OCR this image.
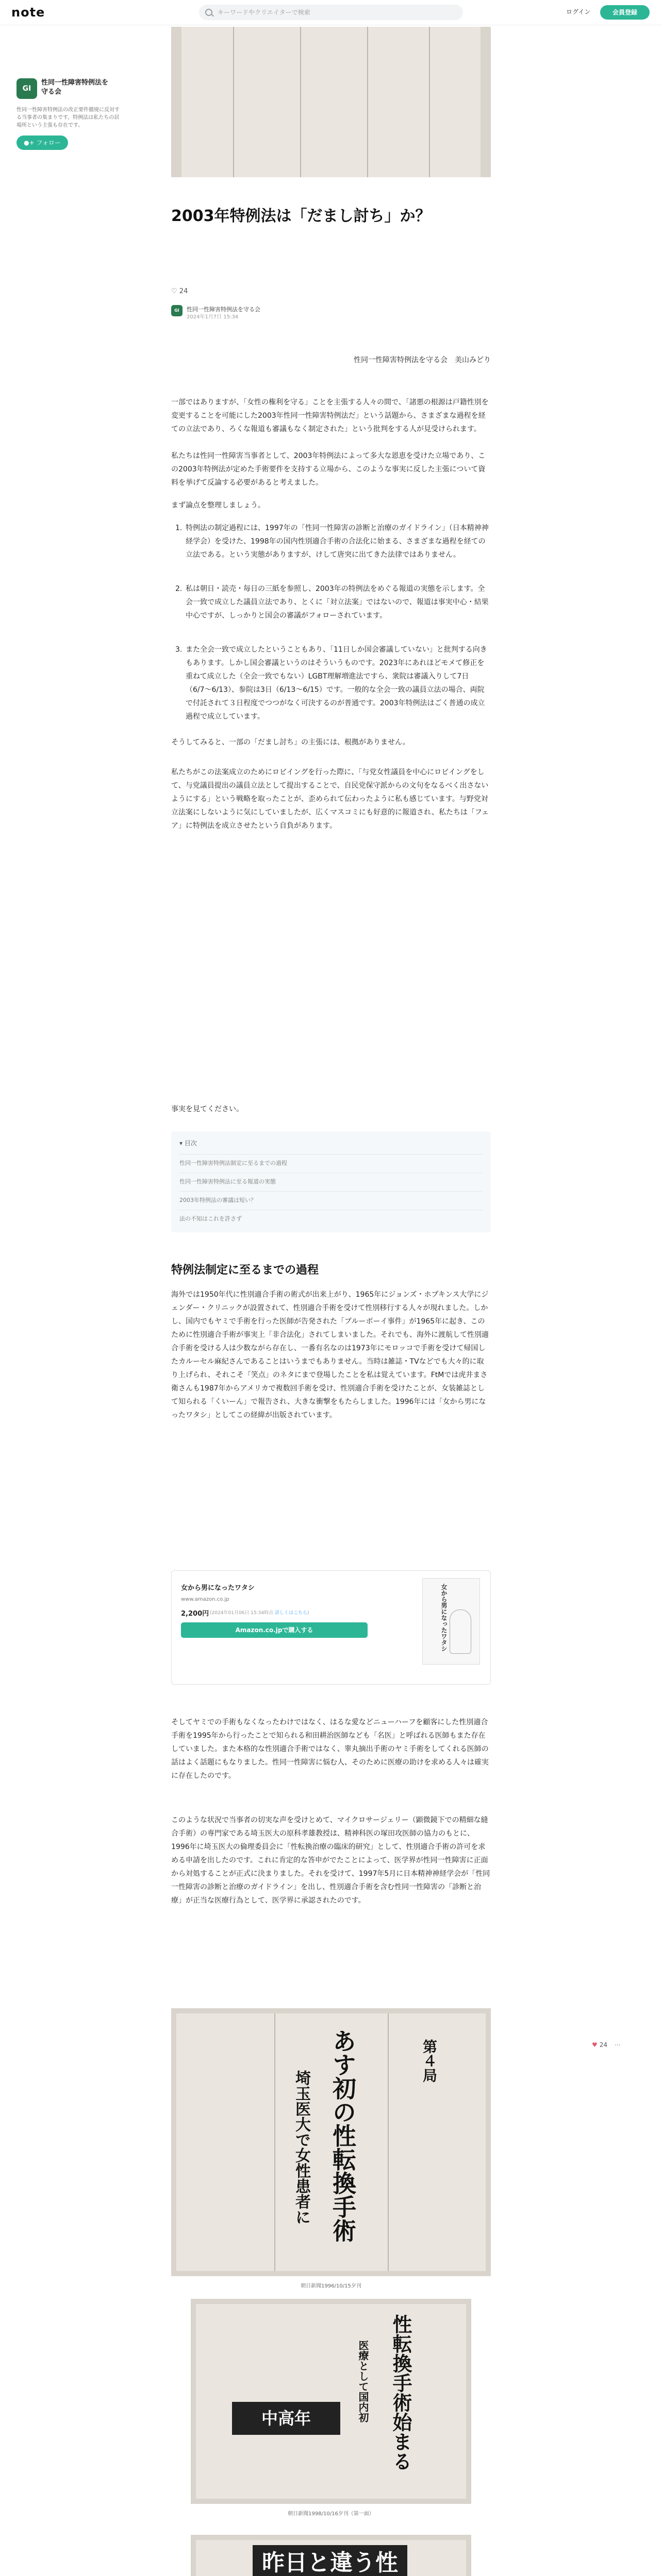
note	キーワードやクリエイターで検索	ログイン	会員登録
GI性同一性障害特例法を守る会
性同一性障害特例法の改正要件撤廃に反対する当事者の集まりです。特例法は私たちの居場所という主張も存在です。
●+ フォロー
2003年特例法は「だまし討ち」か？
♡ 24
GI	性同一性障害特例法を守る会
2024年1月7日 15:34
性同一性障害特例法を守る会　美山みどり

一部ではありますが、「女性の権利を守る」ことを主張する人々の間で、「諸悪の根源は戸籍性別を変更することを可能にした2003年性同一性障害特例法だ」という話題から、さまざまな過程を経ての立法であり、ろくな報道も審議もなく制定された」という批判をする人が見受けられます。

私たちは性同一性障害当事者として、2003年特例法によって多大な恩恵を受けた立場であり、この2003年特例法が定めた手術要件を支持する立場から、このような事実に反した主張について資料を挙げて反論する必要があると考えました。

まず論点を整理しましょう。

1. 特例法の制定過程には、1997年の「性同一性障害の診断と治療のガイドライン」（日本精神神経学会）を受けた、1998年の国内性別適合手術の合法化に始まる、さまざまな過程を経ての立法である。という実態がありますが、けして唐突に出てきた法律ではありません。
2. 私は朝日・読売・毎日の三紙を参照し、2003年の特例法をめぐる報道の実態を示します。全会一致で成立した議員立法であり、とくに「対立法案」ではないので、報道は事実中心・結果中心ですが、しっかりと国会の審議がフォローされています。
3. また全会一致で成立したということもあり、「11日しか国会審議していない」と批判する向きもあります。しかし国会審議というのはそういうものです。2023年にあれほどモメて修正を重ねて成立した（全会一致でもない）LGBT理解増進法ですら、衆院は審議入りして7日（6/7〜6/13）、参院は3日（6/13〜6/15）です。一般的な全会一致の議員立法の場合、両院で付託されて３日程度でつつがなく可決するのが普通です。2003年特例法はごく普通の成立過程で成立しています。

そうしてみると、一部の「だまし討ち」の主張には、根拠がありません。

私たちがこの法案成立のためにロビイングを行った際に、「与党女性議員を中心にロビイングをして、与党議員提出の議員立法として提出することで、自民党保守派からの文句をなるべく出さないようにする」という戦略を取ったことが、歪められて伝わったように私も感じています。与野党対立法案にしないように気にしていましたが、広くマスコミにも好意的に報道され、私たちは「フェア」に特例法を成立させたという自負があります。

事実を見てください。

▾ 目次
性同一性障害特例法制定に至るまでの過程
性同一性障害特例法に至る報道の実態
2003年特例法の審議は短い？
法の不知はこれを許さず
特例法制定に至るまでの過程

海外では1950年代に性別適合手術の術式が出来上がり、1965年にジョンズ・ホプキンス大学にジェンダー・クリニックが設置されて、性別適合手術を受けて性別移行する人々が現れました。しかし、国内でもヤミで手術を行った医師が告発された「ブルーボーイ事件」が1965年に起き、このために性別適合手術が事実上「非合法化」されてしまいました。それでも、海外に渡航して性別適合手術を受ける人は少数ながら存在し、一番有名なのは1973年にモロッコで手術を受けて帰国したカルーセル麻紀さんであることはいうまでもありません。当時は雑誌・TVなどでも大々的に取り上げられ、それこそ「笑点」のネタにまで登場したことを私は覚えています。FtMでは虎井まさ衛さんも1987年からアメリカで複数回手術を受け、性別適合手術を受けたことが、女装雑誌として知られる「くいーん」で報告され、大きな衝撃をもたらしました。1996年には「女から男になったワタシ」としてこの経緯が出版されています。

女から男になったワタシ
www.amazon.co.jp
2,200円 (2024年01月06日 15:34時点 詳しくはこちら)
Amazon.co.jpで購入する	女から男になったワタシ

そしてヤミでの手術もなくなったわけではなく、はるな愛などニューハーフを顧客にした性別適合手術を1995年から行ったことで知られる和田耕治医師なども「名医」と呼ばれる医師もまた存在していました。また本格的な性別適合手術ではなく、睾丸摘出手術のヤミ手術をしてくれる医師の話はよく話題にもなりました。性同一性障害に悩む人、そのために医療の助けを求める人々は確実に存在したのです。

このような状況で当事者の切実な声を受けとめて、マイクロサージェリー（顕微鏡下での精細な縫合手術）の専門家である埼玉医大の原科孝雄教授は、精神科医の塚田攻医師の協力のもとに、1996年に埼玉医大の倫理委員会に「性転換治療の臨床的研究」として、性別適合手術の許可を求める申請を出したのです。これに肯定的な答申がでたことによって、医学界が性同一性障害に正面から対処することが正式に決まりました。それを受けて、1997年5月に日本精神神経学会が「性同一性障害の診断と治療のガイドライン」を出し、性別適合手術を含む性同一性障害の「診断と治療」が正当な医療行為として、医学界に承認されたのです。

あす初の性転換手術
埼玉医大で女性患者に
第４局
朝日新聞1996/10/15夕刊
性転換手術始まる
中高年	医療として国内初
朝日新聞1998/10/16夕刊（第一面）
昨日と違う性
♥ 24 ⋯
